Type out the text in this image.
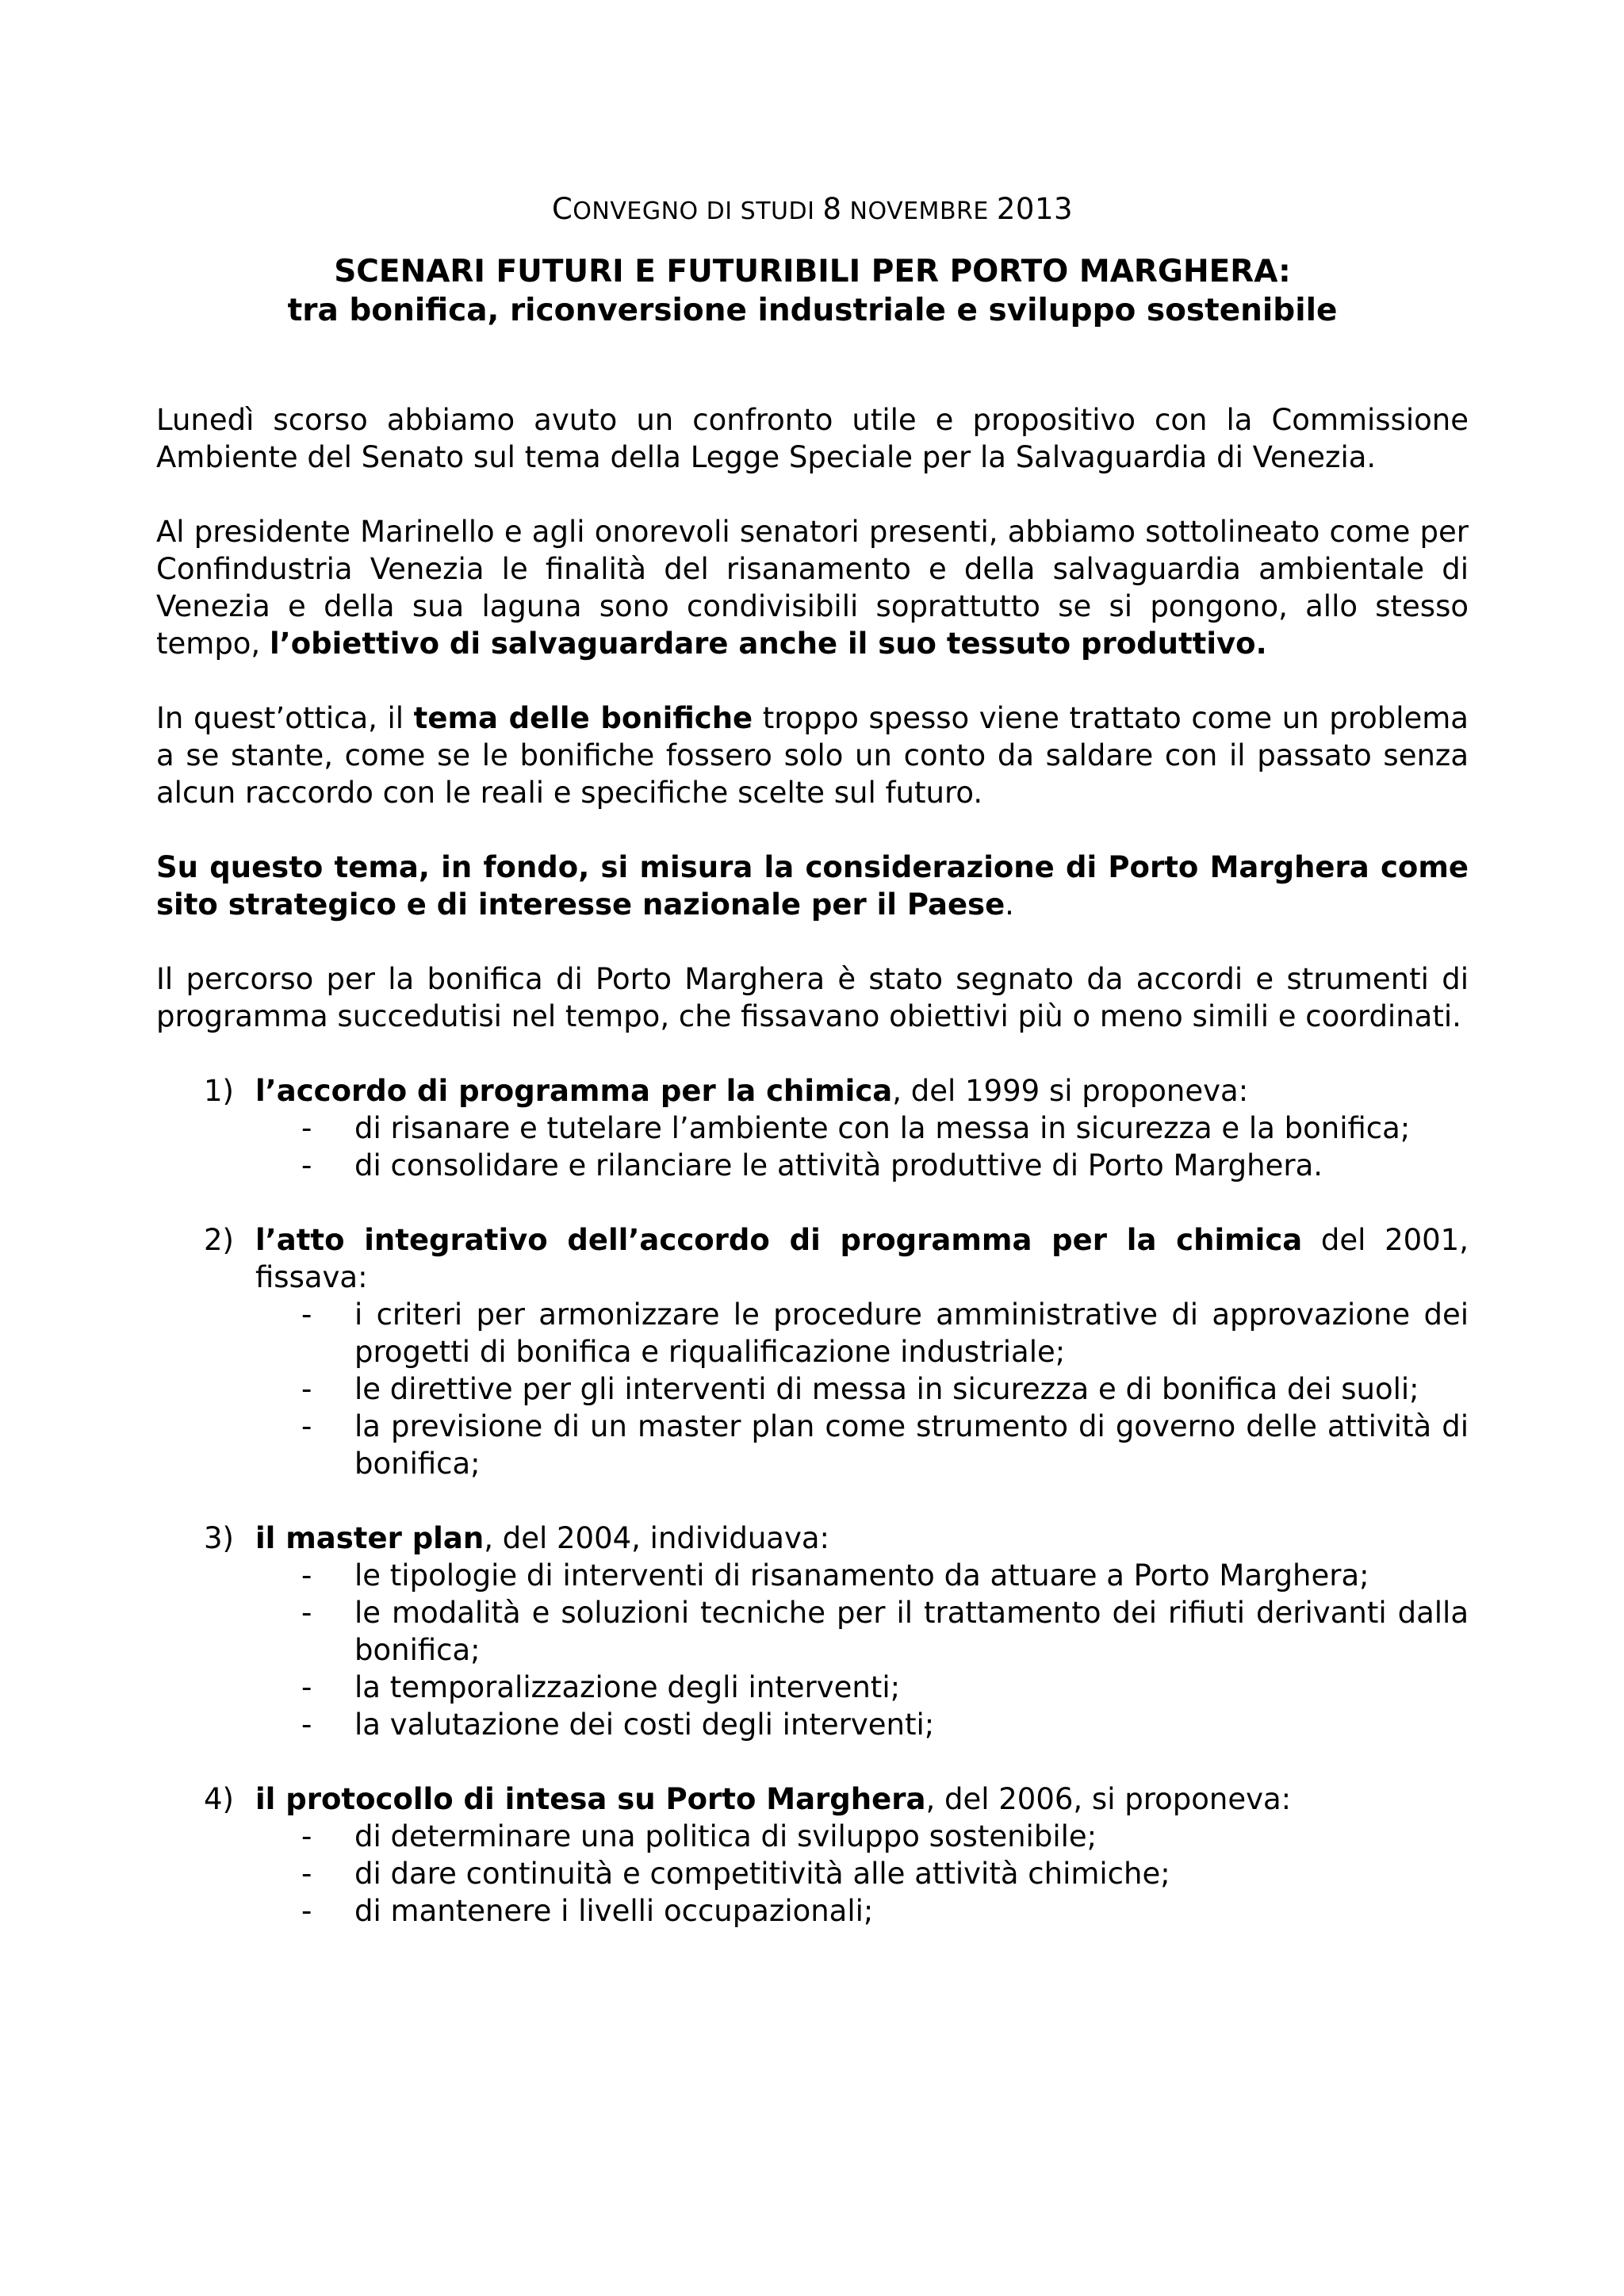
CONVEGNO DI STUDI 8 NOVEMBRE 2013

SCENARI FUTURI E FUTURIBILI PER PORTO MARGHERA:
tra bonifica, riconversione industriale e sviluppo sostenibile

Lunedì scorso abbiamo avuto un confronto utile e propositivo con la Commissione Ambiente del Senato sul tema della Legge Speciale per la Salvaguardia di Venezia.

Al presidente Marinello e agli onorevoli senatori presenti, abbiamo sottolineato come per Confindustria Venezia le finalità del risanamento e della salvaguardia ambientale di Venezia e della sua laguna sono condivisibili soprattutto se si pongono, allo stesso tempo, l’obiettivo di salvaguardare anche il suo tessuto produttivo.

In quest’ottica, il tema delle bonifiche troppo spesso viene trattato come un problema a se stante, come se le bonifiche fossero solo un conto da saldare con il passato senza alcun raccordo con le reali e specifiche scelte sul futuro.

Su questo tema, in fondo, si misura la considerazione di Porto Marghera come sito strategico e di interesse nazionale per il Paese.

Il percorso per la bonifica di Porto Marghera è stato segnato da accordi e strumenti di programma succedutisi nel tempo, che fissavano obiettivi più o meno simili e coordinati.

1) l’accordo di programma per la chimica, del 1999 si proponeva:
- di risanare e tutelare l’ambiente con la messa in sicurezza e la bonifica;
- di consolidare e rilanciare le attività produttive di Porto Marghera.
2) l’atto integrativo dell’accordo di programma per la chimica del 2001, fissava:
- i criteri per armonizzare le procedure amministrative di approvazione dei progetti di bonifica e riqualificazione industriale;
- le direttive per gli interventi di messa in sicurezza e di bonifica dei suoli;
- la previsione di un master plan come strumento di governo delle attività di bonifica;
3) il master plan, del 2004, individuava:
- le tipologie di interventi di risanamento da attuare a Porto Marghera;
- le modalità e soluzioni tecniche per il trattamento dei rifiuti derivanti dalla bonifica;
- la temporalizzazione degli interventi;
- la valutazione dei costi degli interventi;
4) il protocollo di intesa su Porto Marghera, del 2006, si proponeva:
- di determinare una politica di sviluppo sostenibile;
- di dare continuità e competitività alle attività chimiche;
- di mantenere i livelli occupazionali;
